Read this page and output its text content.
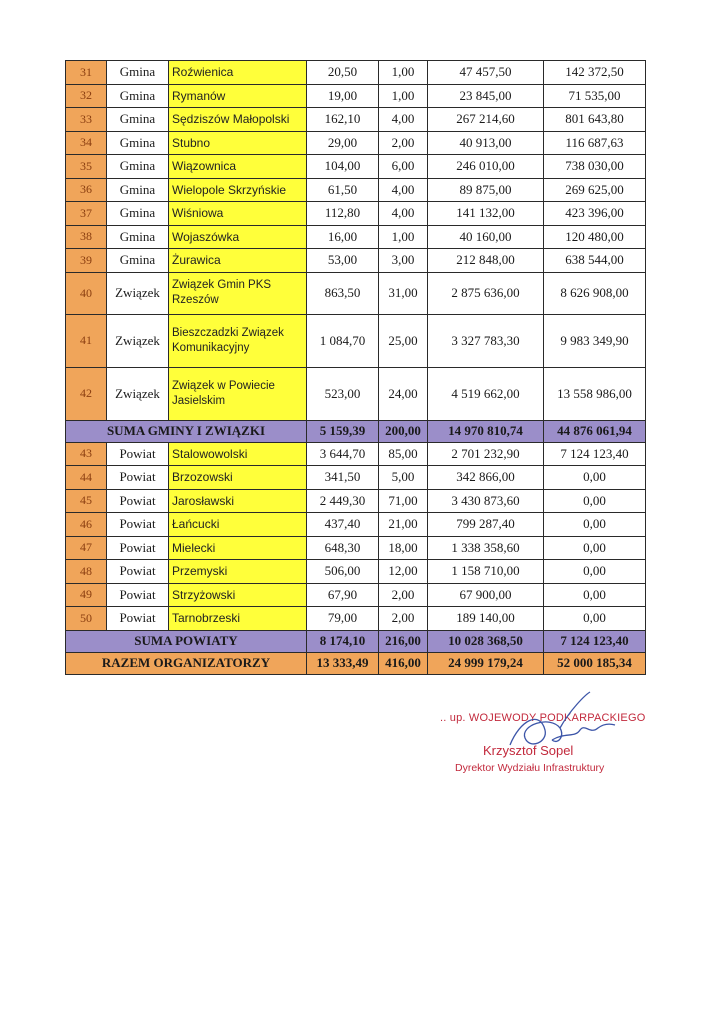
31	Gmina	Roźwienica	20,50	1,00	47 457,50	142 372,50
32	Gmina	Rymanów	19,00	1,00	23 845,00	71 535,00
33	Gmina	Sędziszów Małopolski	162,10	4,00	267 214,60	801 643,80
34	Gmina	Stubno	29,00	2,00	40 913,00	116 687,63
35	Gmina	Wiązownica	104,00	6,00	246 010,00	738 030,00
36	Gmina	Wielopole Skrzyńskie	61,50	4,00	89 875,00	269 625,00
37	Gmina	Wiśniowa	112,80	4,00	141 132,00	423 396,00
38	Gmina	Wojaszówka	16,00	1,00	40 160,00	120 480,00
39	Gmina	Żurawica	53,00	3,00	212 848,00	638 544,00
40	Związek	Związek Gmin PKS Rzeszów	863,50	31,00	2 875 636,00	8 626 908,00
41	Związek	Bieszczadzki Związek Komunikacyjny	1 084,70	25,00	3 327 783,30	9 983 349,90
42	Związek	Związek w Powiecie Jasielskim	523,00	24,00	4 519 662,00	13 558 986,00
SUMA GMINY I ZWIĄZKI			5 159,39	200,00	14 970 810,74	44 876 061,94
43	Powiat	Stalowowolski	3 644,70	85,00	2 701 232,90	7 124 123,40
44	Powiat	Brzozowski	341,50	5,00	342 866,00	0,00
45	Powiat	Jarosławski	2 449,30	71,00	3 430 873,60	0,00
46	Powiat	Łańcucki	437,40	21,00	799 287,40	0,00
47	Powiat	Mielecki	648,30	18,00	1 338 358,60	0,00
48	Powiat	Przemyski	506,00	12,00	1 158 710,00	0,00
49	Powiat	Strzyżowski	67,90	2,00	67 900,00	0,00
50	Powiat	Tarnobrzeski	79,00	2,00	189 140,00	0,00
SUMA POWIATY			8 174,10	216,00	10 028 368,50	7 124 123,40
RAZEM ORGANIZATORZY			13 333,49	416,00	24 999 179,24	52 000 185,34
.. up. WOJEWODY PODKARPACKIEGO
Krzysztof Sopel
Dyrektor Wydziału Infrastruktury
